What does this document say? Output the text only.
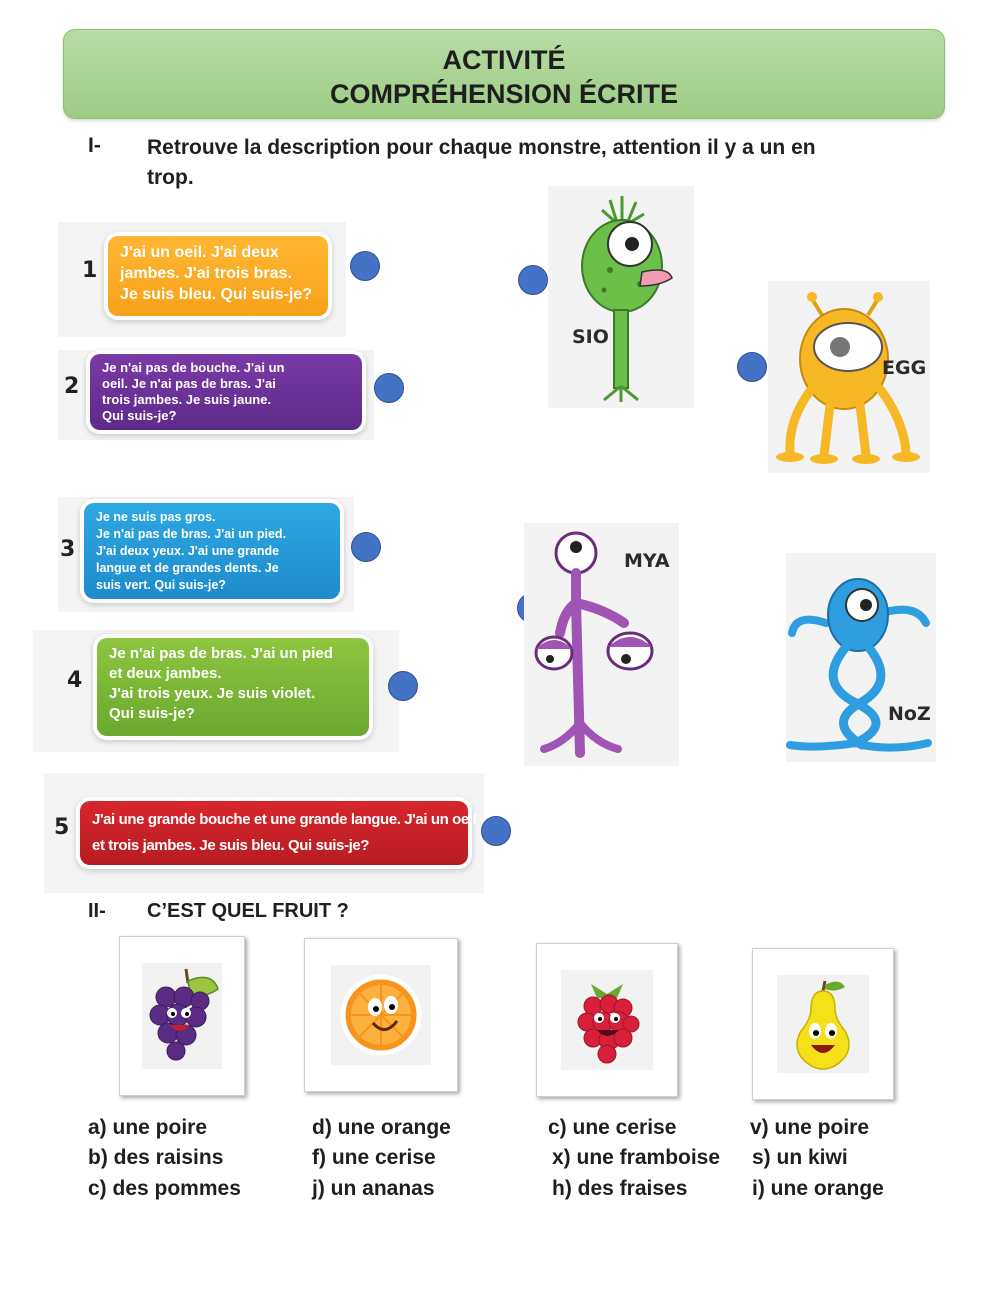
ACTIVITÉ
COMPRÉHENSION ÉCRITE
I- Retrouve la description pour chaque monstre, attention il y a un en
trop.
1
J'ai un oeil. J'ai deux
jambes. J'ai trois bras.
Je suis bleu. Qui suis-je?
2
Je n'ai pas de bouche. J'ai un
oeil. Je n'ai pas de bras. J'ai
trois jambes. Je suis jaune.
Qui suis-je?
3
Je ne suis pas gros.
Je n'ai pas de bras. J'ai un pied.
J'ai deux yeux. J'ai une grande
langue et de grandes dents. Je
suis vert. Qui suis-je?
4
Je n'ai pas de bras. J'ai un pied
et deux jambes.
J'ai trois yeux. Je suis violet.
Qui suis-je?
5 J'ai une grande bouche et une grande langue. J'ai un oeil
et trois jambes. Je suis bleu. Qui suis-je?
SIO
EGG
MYA
NoZ
II- C’EST QUEL FRUIT ?
a) une poire
b) des raisins
c) des pommes
d) une orange
f) une cerise
j) un ananas
c) une cerise
x) une framboise
h) des fraises
v) une poire
s) un kiwi
i) une orange
